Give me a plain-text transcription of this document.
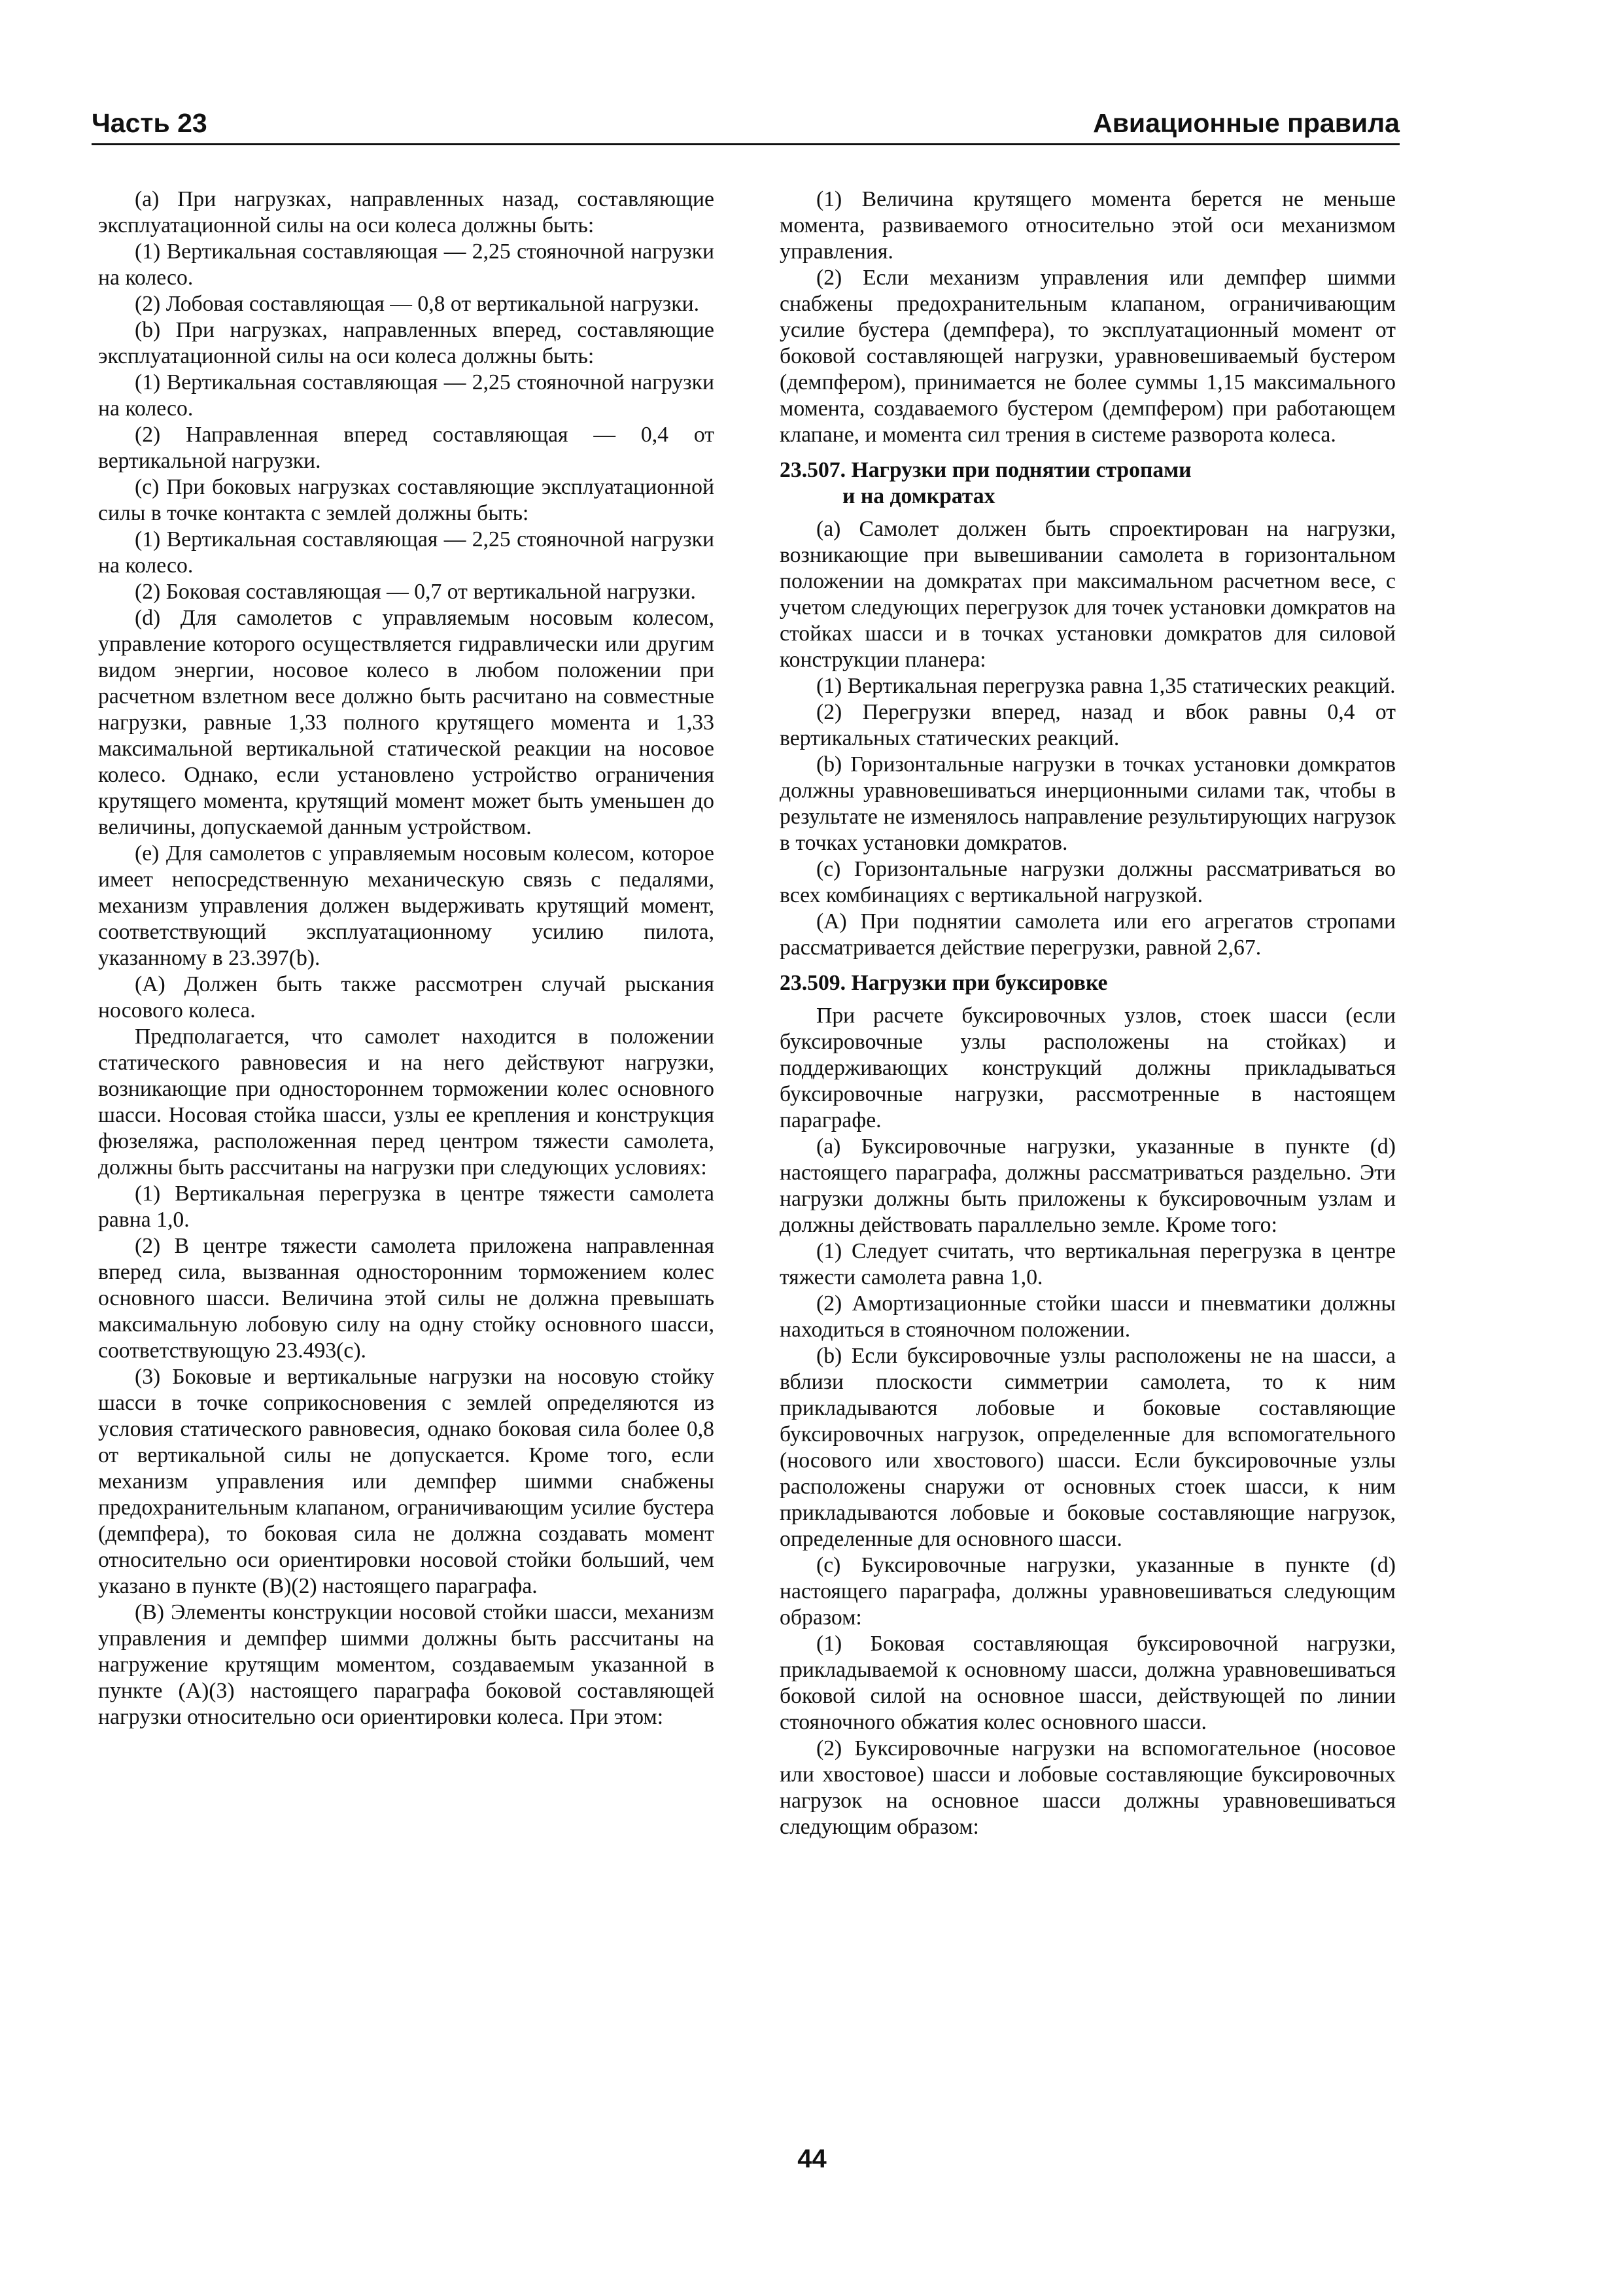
Часть 23	Авиационные правила

(a) При нагрузках, направленных назад, составляющие эксплуатационной силы на оси колеса должны быть:

(1) Вертикальная составляющая — 2,25 стояночной нагрузки на колесо.

(2) Лобовая составляющая — 0,8 от вертикальной нагрузки.

(b) При нагрузках, направленных вперед, составляющие эксплуатационной силы на оси колеса должны быть:

(1) Вертикальная составляющая — 2,25 стояночной нагрузки на колесо.

(2) Направленная вперед составляющая — 0,4 от вертикальной нагрузки.

(c) При боковых нагрузках составляющие эксплуатационной силы в точке контакта с землей должны быть:

(1) Вертикальная составляющая — 2,25 стояночной нагрузки на колесо.

(2) Боковая составляющая — 0,7 от вертикальной нагрузки.

(d) Для самолетов с управляемым носовым колесом, управление которого осуществляется гидравлически или другим видом энергии, носовое колесо в любом положении при расчетном взлетном весе должно быть расчитано на совместные нагрузки, равные 1,33 полного крутящего момента и 1,33 максимальной вертикальной статической реакции на носовое колесо. Однако, если установлено устройство ограничения крутящего момента, крутящий момент может быть уменьшен до величины, допускаемой данным устройством.

(e) Для самолетов с управляемым носовым колесом, которое имеет непосредственную механическую связь с педалями, механизм управления должен выдерживать крутящий момент, соответствующий эксплуатационному усилию пилота, указанному в 23.397(b).

(A) Должен быть также рассмотрен случай рыскания носового колеса.

Предполагается, что самолет находится в положении статического равновесия и на него действуют нагрузки, возникающие при одностороннем торможении колес основного шасси. Носовая стойка шасси, узлы ее крепления и конструкция фюзеляжа, расположенная перед центром тяжести самолета, должны быть рассчитаны на нагрузки при следующих условиях:

(1) Вертикальная перегрузка в центре тяжести самолета равна 1,0.

(2) В центре тяжести самолета приложена направленная вперед сила, вызванная односторонним торможением колес основного шасси. Величина этой силы не должна превышать максимальную лобовую силу на одну стойку основного шасси, соответствующую 23.493(c).

(3) Боковые и вертикальные нагрузки на носовую стойку шасси в точке соприкосновения с землей определяются из условия статического равновесия, однако боковая сила более 0,8 от вертикальной силы не допускается. Кроме того, если механизм управления или демпфер шимми снабжены предохранительным клапаном, ограничивающим усилие бустера (демпфера), то боковая сила не должна создавать момент относительно оси ориентировки носовой стойки больший, чем указано в пункте (B)(2) настоящего параграфа.

(B) Элементы конструкции носовой стойки шасси, механизм управления и демпфер шимми должны быть рассчитаны на нагружение крутящим моментом, создаваемым указанной в пункте (A)(3) настоящего параграфа боковой составляющей нагрузки относительно оси ориентировки колеса. При этом:

(1) Величина крутящего момента берется не меньше момента, развиваемого относительно этой оси механизмом управления.

(2) Если механизм управления или демпфер шимми снабжены предохранительным клапаном, ограничивающим усилие бустера (демпфера), то эксплуатационный момент от боковой составляющей нагрузки, уравновешиваемый бустером (демпфером), принимается не более суммы 1,15 максимального момента, создаваемого бустером (демпфером) при работающем клапане, и момента сил трения в системе разворота колеса.

23.507. Нагрузки при поднятии стропами
и на домкратах

(a) Самолет должен быть спроектирован на нагрузки, возникающие при вывешивании самолета в горизонтальном положении на домкратах при максимальном расчетном весе, с учетом следующих перегрузок для точек установки домкратов на стойках шасси и в точках установки домкратов для силовой конструкции планера:

(1) Вертикальная перегрузка равна 1,35 статических реакций.

(2) Перегрузки вперед, назад и вбок равны 0,4 от вертикальных статических реакций.

(b) Горизонтальные нагрузки в точках установки домкратов должны уравновешиваться инерционными силами так, чтобы в результате не изменялось направление результирующих нагрузок в точках установки домкратов.

(c) Горизонтальные нагрузки должны рассматриваться во всех комбинациях с вертикальной нагрузкой.

(A) При поднятии самолета или его агрегатов стропами рассматривается действие перегрузки, равной 2,67.

23.509. Нагрузки при буксировке

При расчете буксировочных узлов, стоек шасси (если буксировочные узлы расположены на стойках) и поддерживающих конструкций должны прикладываться буксировочные нагрузки, рассмотренные в настоящем параграфе.

(a) Буксировочные нагрузки, указанные в пункте (d) настоящего параграфа, должны рассматриваться раздельно. Эти нагрузки должны быть приложены к буксировочным узлам и должны действовать параллельно земле. Кроме того:

(1) Следует считать, что вертикальная перегрузка в центре тяжести самолета равна 1,0.

(2) Амортизационные стойки шасси и пневматики должны находиться в стояночном положении.

(b) Если буксировочные узлы расположены не на шасси, а вблизи плоскости симметрии самолета, то к ним прикладываются лобовые и боковые составляющие буксировочных нагрузок, определенные для вспомогательного (носового или хвостового) шасси. Если буксировочные узлы расположены снаружи от основных стоек шасси, к ним прикладываются лобовые и боковые составляющие нагрузок, определенные для основного шасси.

(c) Буксировочные нагрузки, указанные в пункте (d) настоящего параграфа, должны уравновешиваться следующим образом:

(1) Боковая составляющая буксировочной нагрузки, прикладываемой к основному шасси, должна уравновешиваться боковой силой на основное шасси, действующей по линии стояночного обжатия колес основного шасси.

(2) Буксировочные нагрузки на вспомогательное (носовое или хвостовое) шасси и лобовые составляющие буксировочных нагрузок на основное шасси должны уравновешиваться следующим образом:

44
